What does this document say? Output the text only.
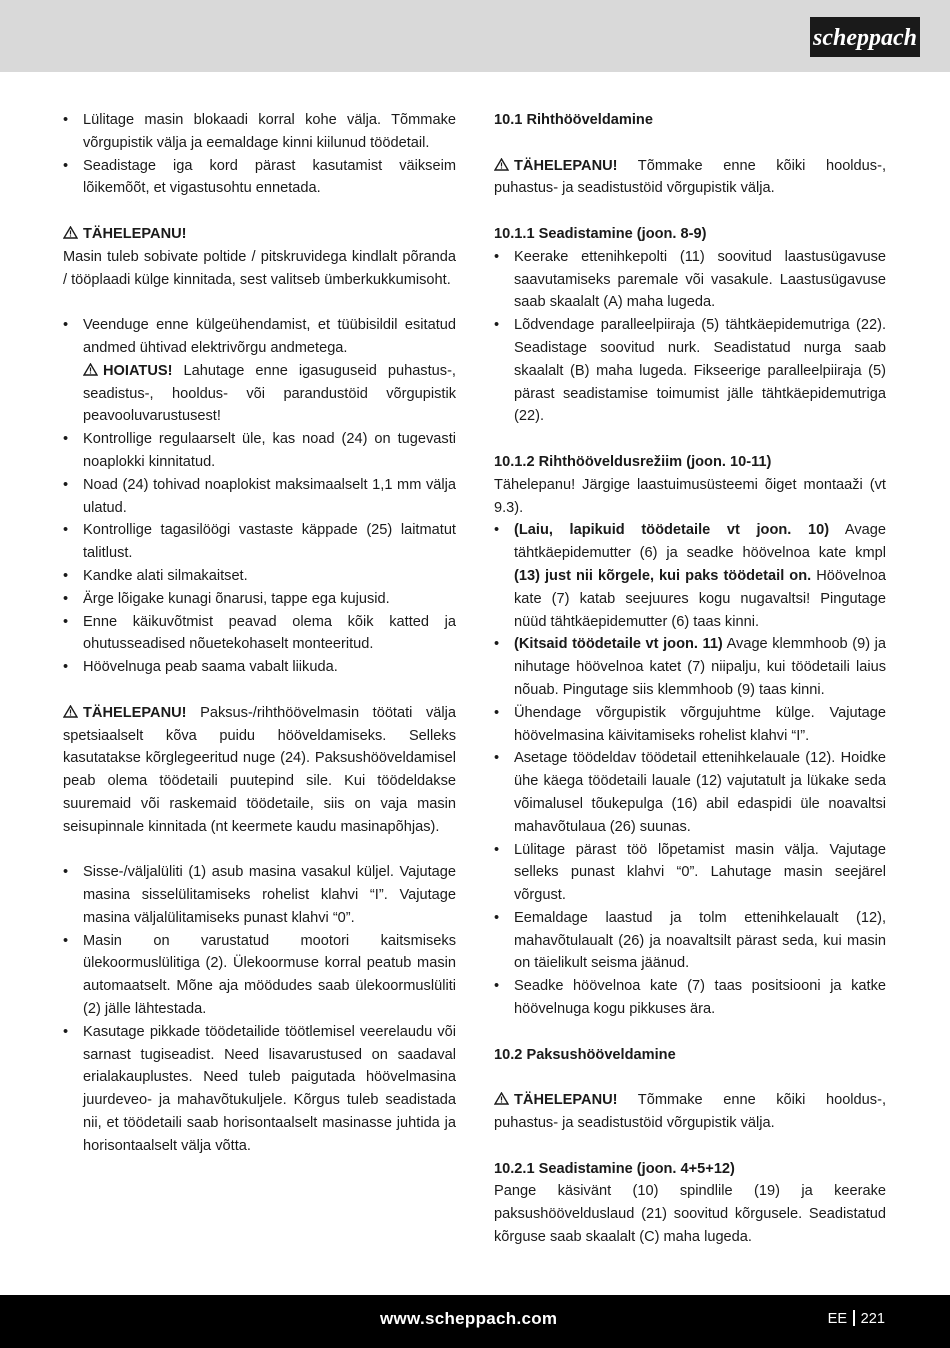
scheppach
• Lülitage masin blokaadi korral kohe välja. Tõmmake võrgupistik välja ja eemaldage kinni kiilunud töödetail.
• Seadistage iga kord pärast kasutamist väikseim lõikemõõt, et vigastusohtu ennetada.

TÄHELEPANU!

Masin tuleb sobivate poltide / pitskruvidega kindlalt põranda / tööplaadi külge kinnitada, sest valitseb ümberkukkumisoht.

• Veenduge enne külgeühendamist, et tüübisildil esitatud andmed ühtivad elektrivõrgu andmetega.
HOIATUS! Lahutage enne igasuguseid puhastus-, seadistus-, hooldus- või parandustöid võrgupistik peavooluvarustusest!
• Kontrollige regulaarselt üle, kas noad (24) on tugevasti noaplokki kinnitatud.
• Noad (24) tohivad noaplokist maksimaalselt 1,1 mm välja ulatud.
• Kontrollige tagasilöögi vastaste käppade (25) laitmatut talitlust.
• Kandke alati silmakaitset.
• Ärge lõigake kunagi õnarusi, tappe ega kujusid.
• Enne käikuvõtmist peavad olema kõik katted ja ohutusseadised nõuetekohaselt monteeritud.
• Höövelnuga peab saama vabalt liikuda.

TÄHELEPANU! Paksus-/rihthöövelmasin töötati välja spetsiaalselt kõva puidu hööveldamiseks. Selleks kasutatakse kõrglegeeritud nuge (24). Paksushööveldamisel peab olema töödetaili puutepind sile. Kui töödeldakse suuremaid või raskemaid töödetaile, siis on vaja masin seisupinnale kinnitada (nt keermete kaudu masinapõhjas).

• Sisse-/väljalüliti (1) asub masina vasakul küljel. Vajutage masina sisselülitamiseks rohelist klahvi “I”. Vajutage masina väljalülitamiseks punast klahvi “0”.
• Masin on varustatud mootori kaitsmiseks ülekoormuslülitiga (2). Ülekoormuse korral peatub masin automaatselt. Mõne aja möödudes saab ülekoormuslüliti (2) jälle lähtestada.
• Kasutage pikkade töödetailide töötlemisel veerelaudu või sarnast tugiseadist. Need lisavarustused on saadaval erialakauplustes. Need tuleb paigutada höövelmasina juurdeveo- ja mahavõtukuljele. Kõrgus tuleb seadistada nii, et töödetaili saab horisontaalselt masinasse juhtida ja horisontaalselt välja võtta.

10.1 Rihthööveldamine

TÄHELEPANU! Tõmmake enne kõiki hooldus-, puhastus- ja seadistustöid võrgupistik välja.

10.1.1 Seadistamine (joon. 8-9)

• Keerake ettenihkepolti (11) soovitud laastusügavuse saavutamiseks paremale või vasakule. Laastusügavuse saab skaalalt (A) maha lugeda.
• Lõdvendage paralleelpiiraja (5) tähtkäepidemutriga (22). Seadistage soovitud nurk. Seadistatud nurga saab skaalalt (B) maha lugeda. Fikseerige paralleelpiiraja (5) pärast seadistamise toimumist jälle tähtkäepidemutriga (22).

10.1.2 Rihthööveldusrežiim (joon. 10-11)

Tähelepanu! Järgige laastuimusüsteemi õiget montaaži (vt 9.3).

• (Laiu, lapikuid töödetaile vt joon. 10) Avage tähtkäepidemutter (6) ja seadke höövelnoa kate kmpl (13) just nii kõrgele, kui paks töödetail on. Höövelnoa kate (7) katab seejuures kogu nugavaltsi! Pingutage nüüd tähtkäepidemutter (6) taas kinni.
• (Kitsaid töödetaile vt joon. 11) Avage klemmhoob (9) ja nihutage höövelnoa katet (7) niipalju, kui töödetaili laius nõuab. Pingutage siis klemmhoob (9) taas kinni.
• Ühendage võrgupistik võrgujuhtme külge. Vajutage höövelmasina käivitamiseks rohelist klahvi “I”.
• Asetage töödeldav töödetail ettenihkelauale (12). Hoidke ühe käega töödetaili lauale (12) vajutatult ja lükake seda võimalusel tõukepulga (16) abil edaspidi üle noavaltsi mahavõtulaua (26) suunas.
• Lülitage pärast töö lõpetamist masin välja. Vajutage selleks punast klahvi “0”. Lahutage masin seejärel võrgust.
• Eemaldage laastud ja tolm ettenihkelaualt (12), mahavõtulaualt (26) ja noavaltsilt pärast seda, kui masin on täielikult seisma jäänud.
• Seadke höövelnoa kate (7) taas positsiooni ja katke höövelnuga kogu pikkuses ära.

10.2 Paksushööveldamine

TÄHELEPANU! Tõmmake enne kõiki hooldus-, puhastus- ja seadistustöid võrgupistik välja.

10.2.1 Seadistamine (joon. 4+5+12)

Pange käsivänt (10) spindlile (19) ja keerake paksushöövelduslaud (21) soovitud kõrgusele. Seadistatud kõrguse saab skaalalt (C) maha lugeda.

www.scheppach.com	EE 221
